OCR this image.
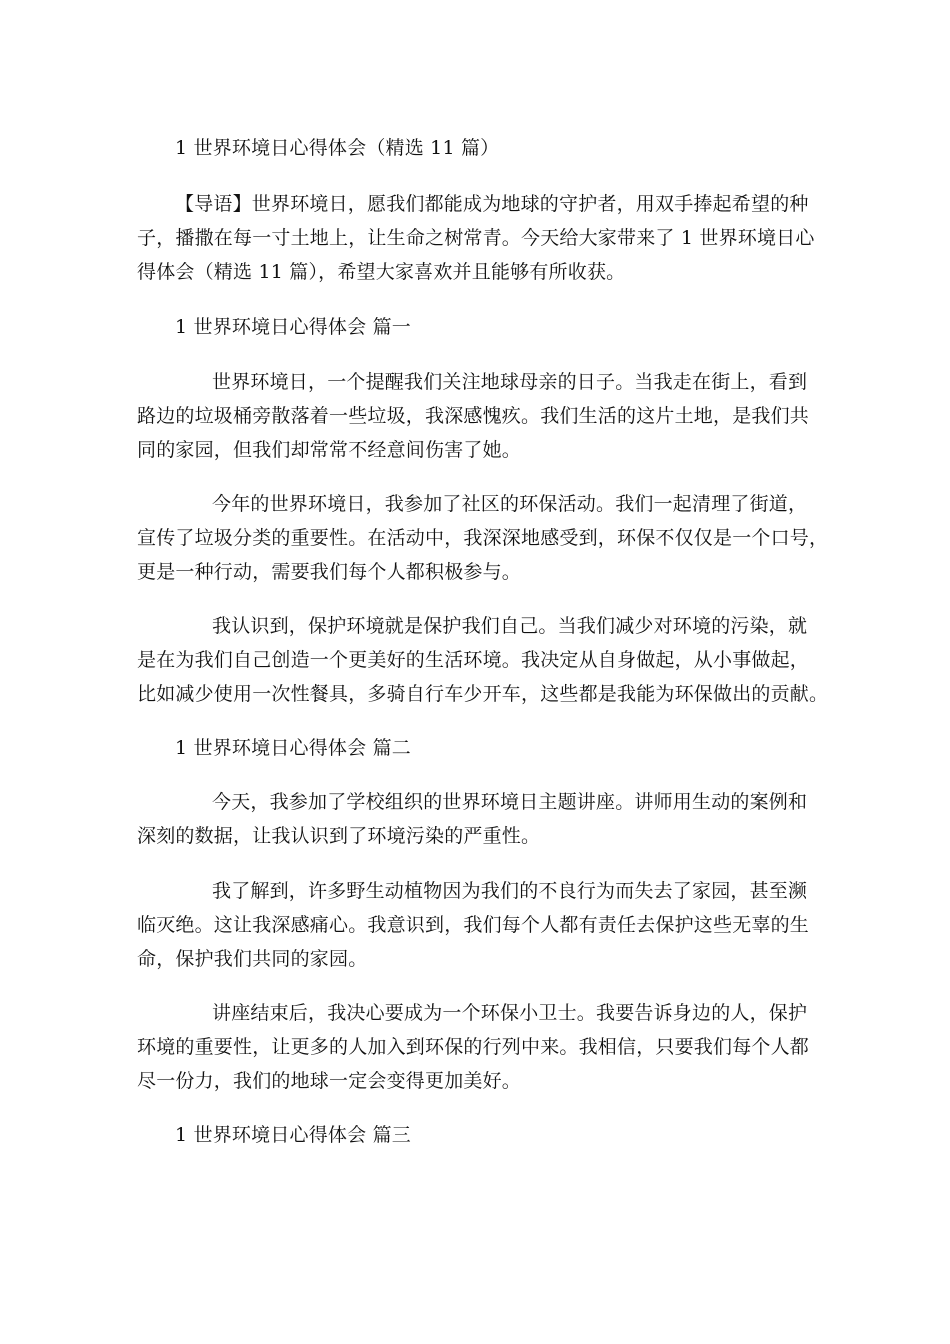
1 世界环境日心得体会（精选 11 篇）
【导语】世界环境日，愿我们都能成为地球的守护者，用双手捧起希望的种
子，播撒在每一寸土地上，让生命之树常青。今天给大家带来了 1 世界环境日心
得体会（精选 11 篇），希望大家喜欢并且能够有所收获。
1 世界环境日心得体会 篇一
世界环境日，一个提醒我们关注地球母亲的日子。当我走在街上，看到
路边的垃圾桶旁散落着一些垃圾，我深感愧疚。我们生活的这片土地，是我们共
同的家园，但我们却常常不经意间伤害了她。
今年的世界环境日，我参加了社区的环保活动。我们一起清理了街道，
宣传了垃圾分类的重要性。在活动中，我深深地感受到，环保不仅仅是一个口号，
更是一种行动，需要我们每个人都积极参与。
我认识到，保护环境就是保护我们自己。当我们减少对环境的污染，就
是在为我们自己创造一个更美好的生活环境。我决定从自身做起，从小事做起，
比如减少使用一次性餐具，多骑自行车少开车，这些都是我能为环保做出的贡献。
1 世界环境日心得体会 篇二
今天，我参加了学校组织的世界环境日主题讲座。讲师用生动的案例和
深刻的数据，让我认识到了环境污染的严重性。
我了解到，许多野生动植物因为我们的不良行为而失去了家园，甚至濒
临灭绝。这让我深感痛心。我意识到，我们每个人都有责任去保护这些无辜的生
命，保护我们共同的家园。
讲座结束后，我决心要成为一个环保小卫士。我要告诉身边的人，保护
环境的重要性，让更多的人加入到环保的行列中来。我相信，只要我们每个人都
尽一份力，我们的地球一定会变得更加美好。
1 世界环境日心得体会 篇三
